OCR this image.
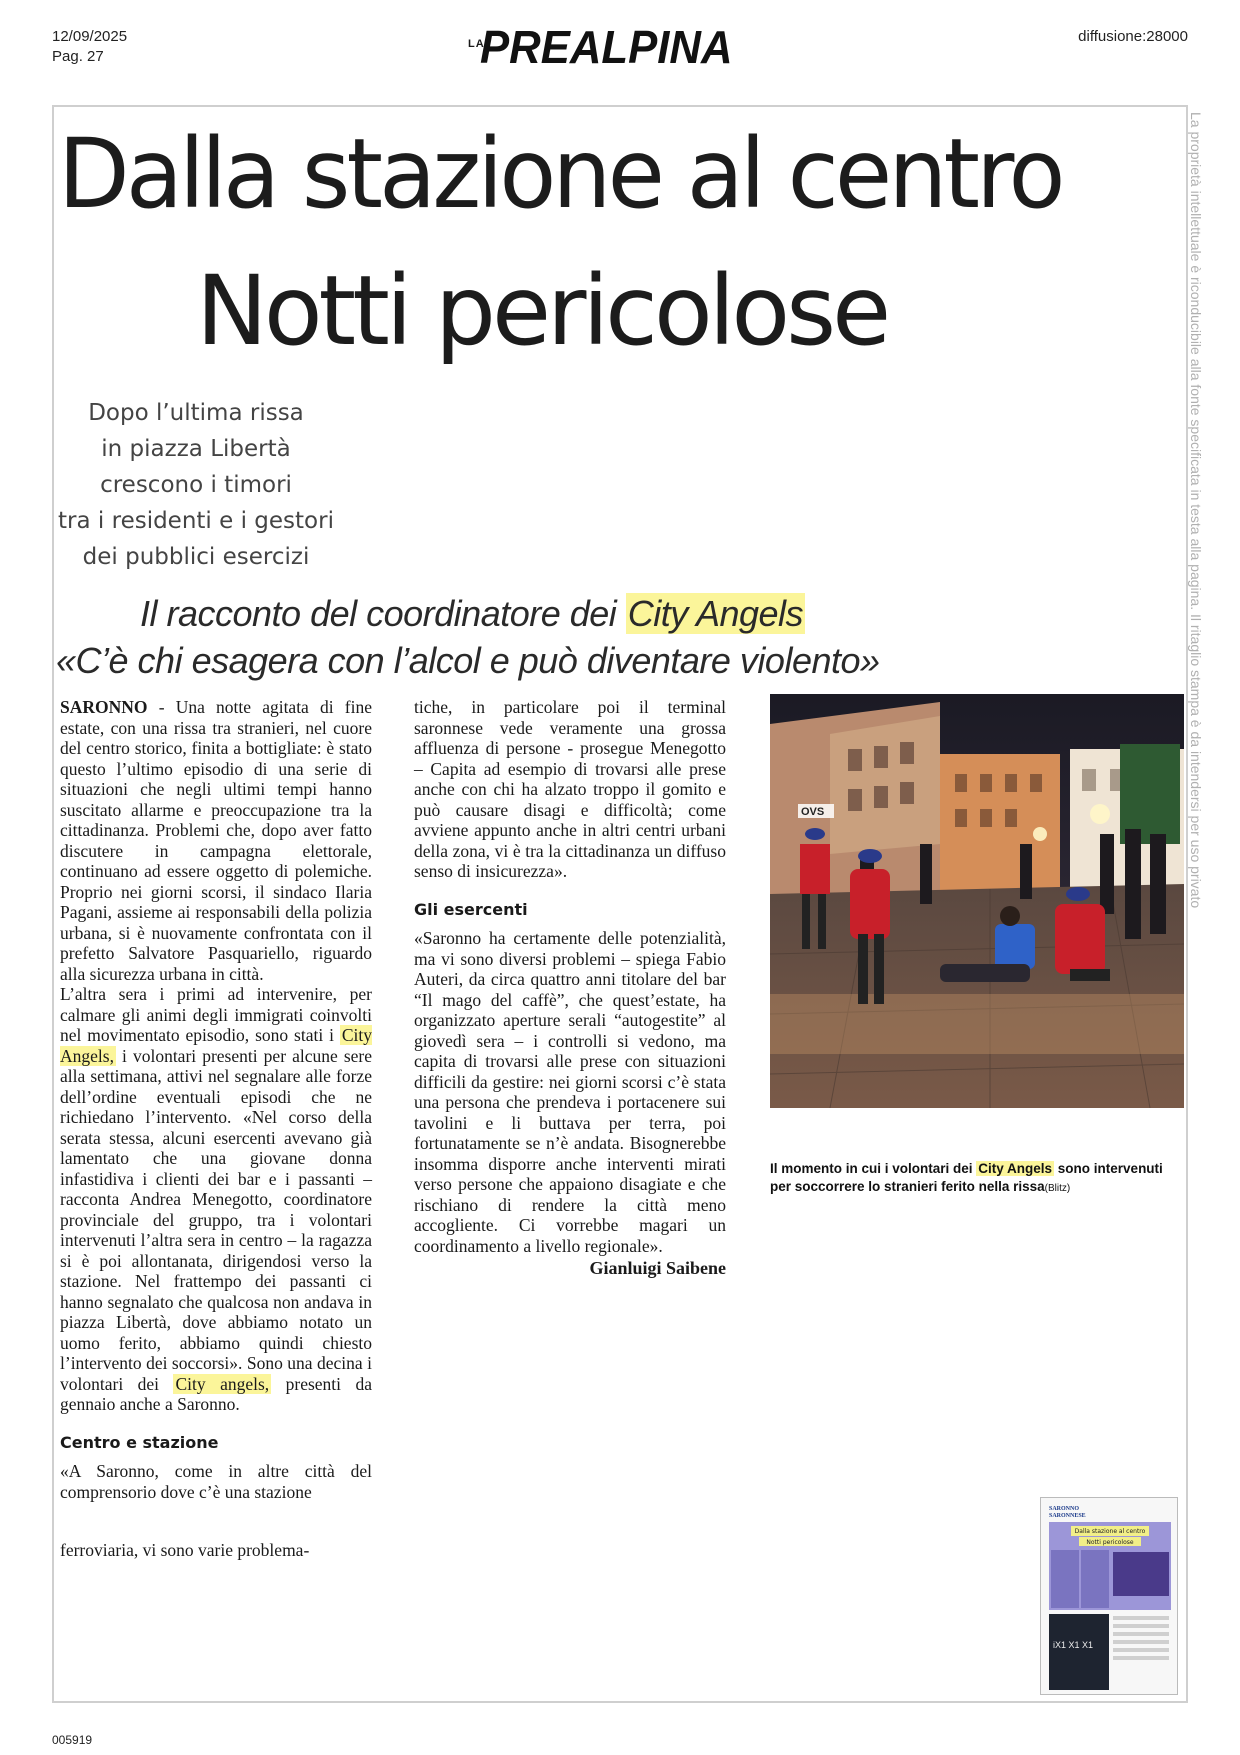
12/09/2025
Pag. 27
LA
PREALPINA	diffusione:28000
La proprietà intellettuale è riconducibile alla fonte specificata in testa alla pagina. Il ritaglio stampa è da intendersi per uso privato
Dalla stazione al centro
Notti pericolose
Dopo l’ultima rissa
in piazza Libertà
crescono i timori
tra i residenti e i gestori
dei pubblici esercizi
Il racconto del coordinatore dei City Angels
«C’è chi esagera con l’alcol e può diventare violento»

SARONNO - Una notte agitata di fine estate, con una rissa tra stranieri, nel cuore del centro storico, finita a bottigliate: è stato questo l’ultimo episodio di una serie di situazioni che negli ultimi tempi hanno suscitato allarme e preoccupazione tra la cittadinanza. Problemi che, dopo aver fatto discutere in campagna elettorale, continuano ad essere oggetto di polemiche. Proprio nei giorni scorsi, il sindaco Ilaria Pagani, assieme ai responsabili della polizia urbana, si è nuovamente confrontata con il prefetto Salvatore Pasquariello, riguardo alla sicurezza urbana in città.

L’altra sera i primi ad intervenire, per calmare gli animi degli immigrati coinvolti nel movimentato episodio, sono stati i City Angels, i volontari presenti per alcune sere alla settimana, attivi nel segnalare alle forze dell’ordine eventuali episodi che ne richiedano l’intervento. «Nel corso della serata stessa, alcuni esercenti avevano già lamentato che una giovane donna infastidiva i clienti dei bar e i passanti – racconta Andrea Menegotto, coordinatore provinciale del gruppo, tra i volontari intervenuti l’altra sera in centro – la ragazza si è poi allontanata, dirigendosi verso la stazione. Nel frattempo dei passanti ci hanno segnalato che qualcosa non andava in piazza Libertà, dove abbiamo notato un uomo ferito, abbiamo quindi chiesto l’intervento dei soccorsi». Sono una decina i volontari dei City angels, presenti da gennaio anche a Saronno.

Centro e stazione

«A Saronno, come in altre città del comprensorio dove c’è una stazione

ferroviaria, vi sono varie problema-

tiche, in particolare poi il terminal saronnese vede veramente una grossa affluenza di persone - prosegue Menegotto – Capita ad esempio di trovarsi alle prese anche con chi ha alzato troppo il gomito e può causare disagi e difficoltà; come avviene appunto anche in altri centri urbani della zona, vi è tra la cittadinanza un diffuso senso di insicurezza».

Gli esercenti

«Saronno ha certamente delle potenzialità, ma vi sono diversi problemi – spiega Fabio Auteri, da circa quattro anni titolare del bar “Il mago del caffè”, che quest’estate, ha organizzato aperture serali “autogestite” al giovedì sera – i controlli si vedono, ma capita di trovarsi alle prese con situazioni difficili da gestire: nei giorni scorsi c’è stata una persona che prendeva i portacenere sui tavolini e li buttava per terra, poi fortunatamente se n’è andata. Bisognerebbe insomma disporre anche interventi mirati verso persone che appaiono disagiate e che rischiano di rendere la città meno accogliente. Ci vorrebbe magari un coordinamento a livello regionale».

Gianluigi Saibene
OVS
Il momento in cui i volontari dei City Angels sono intervenuti per soccorrere lo stranieri ferito nella rissa(Blitz)
SARONNO
SARONNESE
Dalla stazione al centro
Notti pericolose
iX1 X1 X1
005919
